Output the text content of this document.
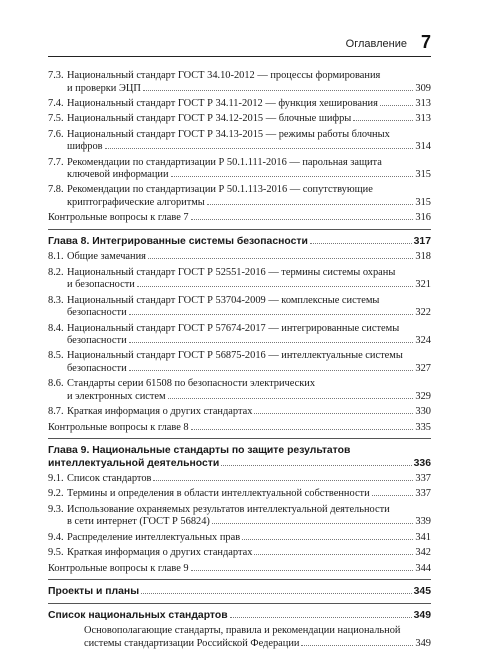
Оглавление 7
7.3. Национальный стандарт ГОСТ 34.10-2012 — процессы формирования
и проверки ЭЦП	309
7.4. Национальный стандарт ГОСТ Р 34.11-2012 — функция хеширования	313
7.5. Национальный стандарт ГОСТ Р 34.12-2015 — блочные шифры	313
7.6. Национальный стандарт ГОСТ Р 34.13-2015 — режимы работы блочных
шифров	314
7.7. Рекомендации по стандартизации Р 50.1.111-2016 — парольная защита
ключевой информации	315
7.8. Рекомендации по стандартизации Р 50.1.113-2016 — сопутствующие
криптографические алгоритмы	315
Контрольные вопросы к главе 7	316
Глава 8. Интегрированные системы безопасности	317
8.1. Общие замечания	318
8.2. Национальный стандарт ГОСТ Р 52551-2016 — термины системы охраны
и безопасности	321
8.3. Национальный стандарт ГОСТ Р 53704-2009 — комплексные системы
безопасности	322
8.4. Национальный стандарт ГОСТ Р 57674-2017 — интегрированные системы
безопасности	324
8.5. Национальный стандарт ГОСТ Р 56875-2016 — интеллектуальные системы
безопасности	327
8.6. Стандарты серии 61508 по безопасности электрических
и электронных систем	329
8.7. Краткая информация о других стандартах	330
Контрольные вопросы к главе 8	335
Глава 9. Национальные стандарты по защите результатов
интеллектуальной деятельности	336
9.1. Список стандартов	337
9.2. Термины и определения в области интеллектуальной собственности	337
9.3. Использование охраняемых результатов интеллектуальной деятельности
в сети интернет (ГОСТ Р 56824)	339
9.4. Распределение интеллектуальных прав	341
9.5. Краткая информация о других стандартах	342
Контрольные вопросы к главе 9	344
Проекты и планы	345
Список национальных стандартов	349
Основополагающие стандарты, правила и рекомендации национальной
системы стандартизации Российской Федерации	349
